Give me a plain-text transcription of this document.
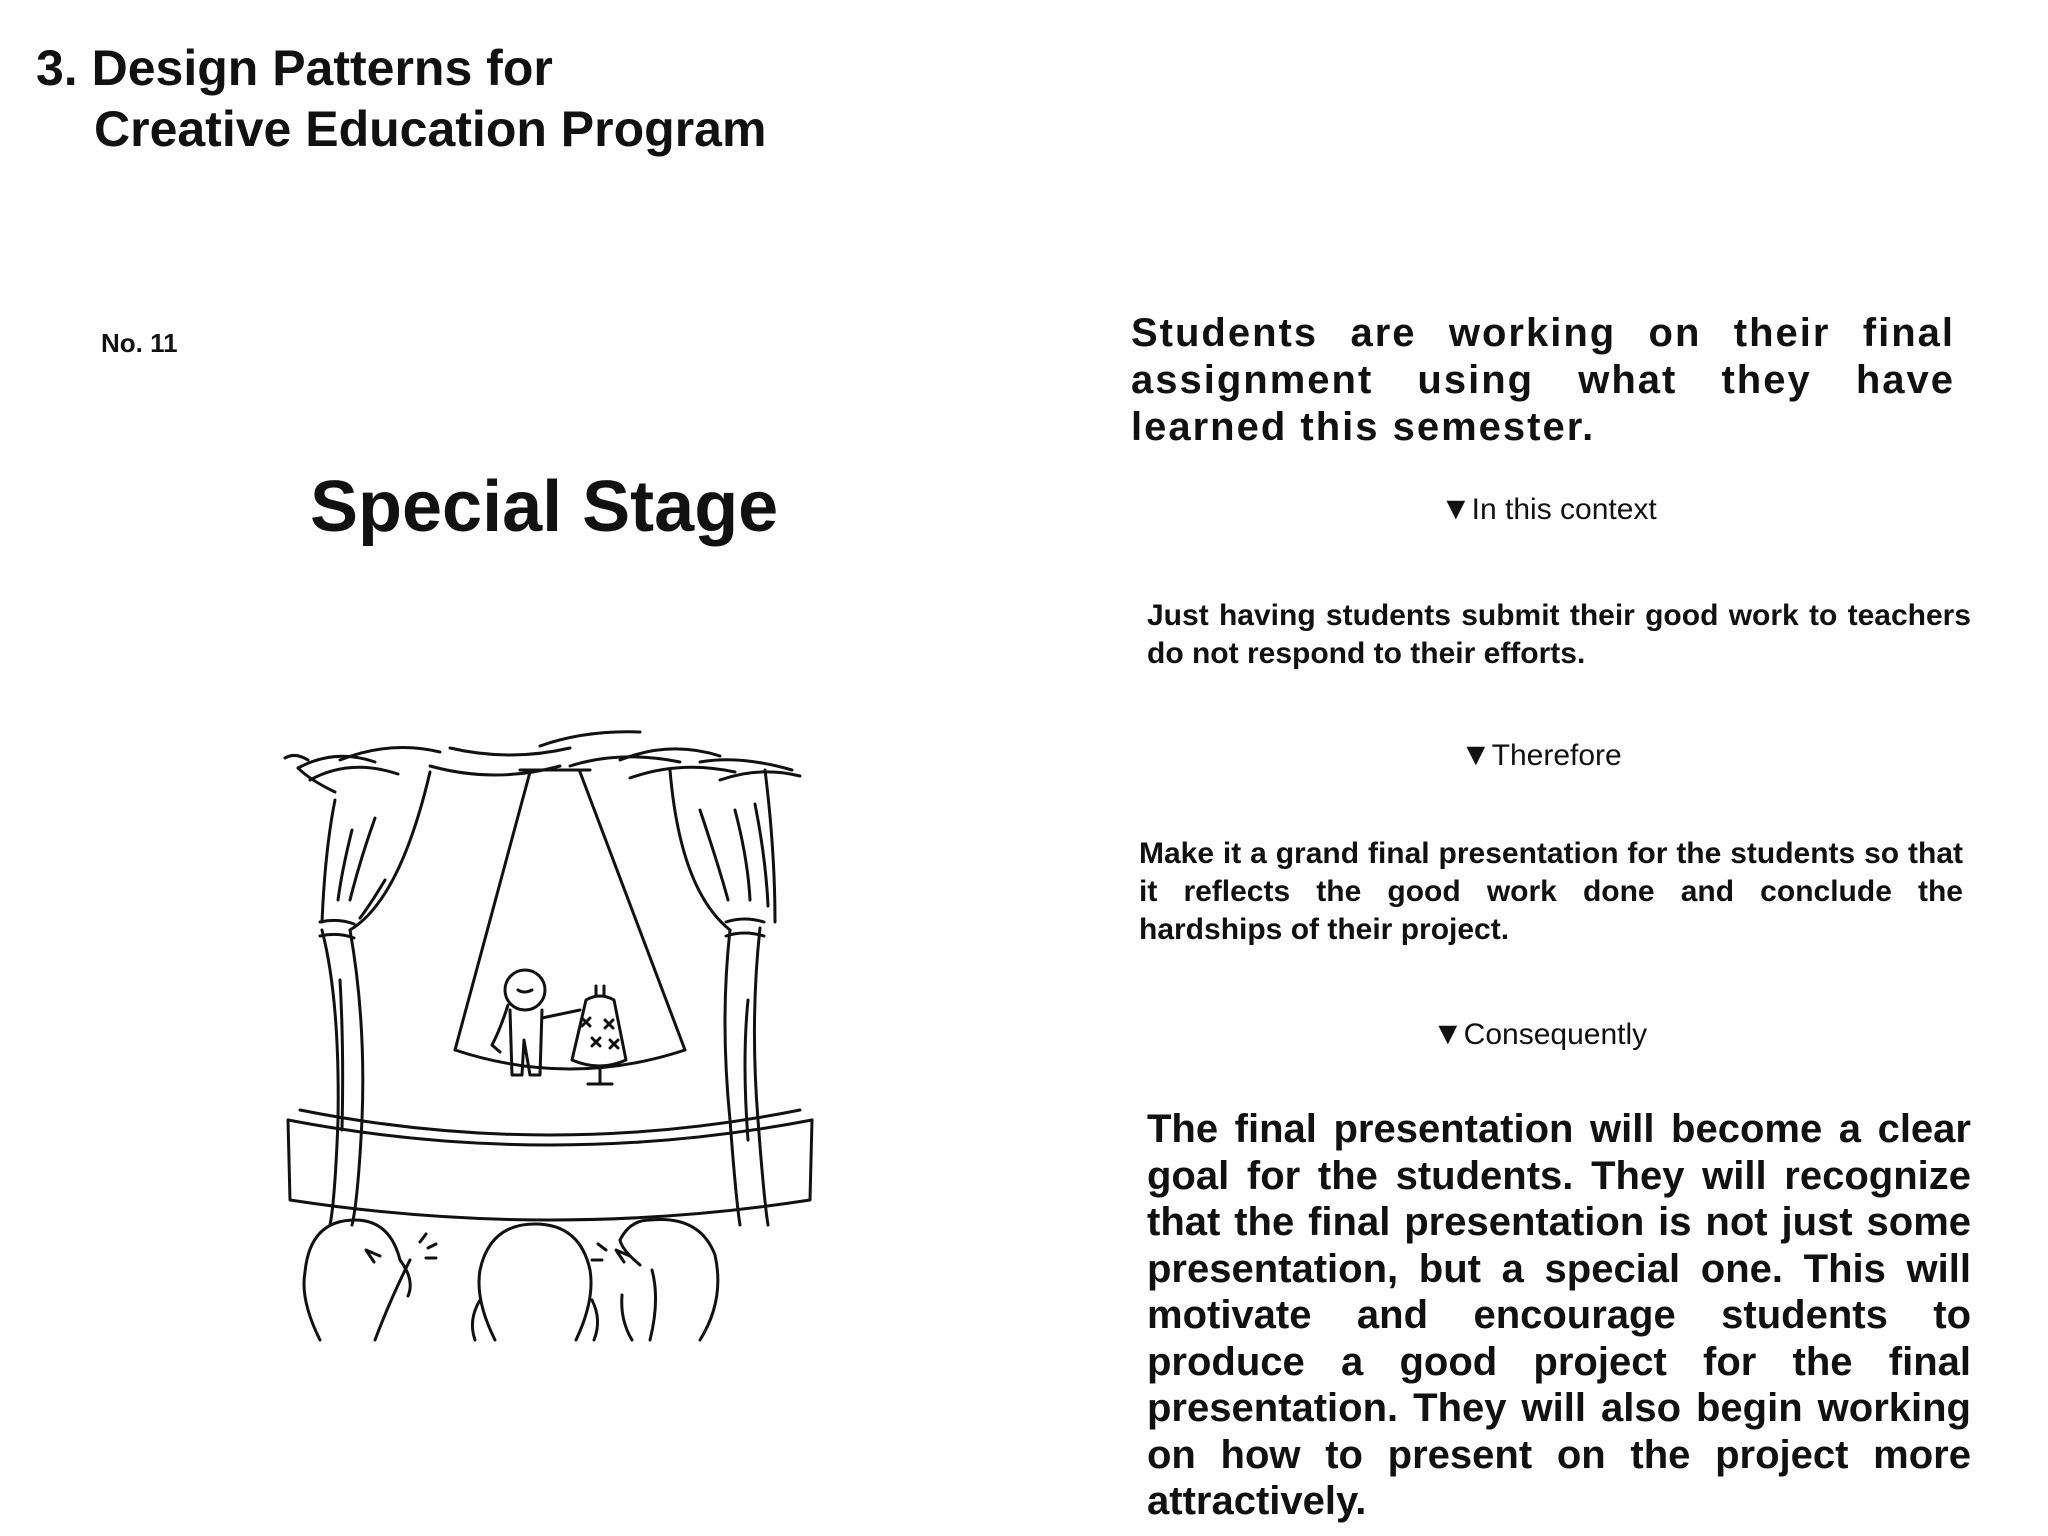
3. Design Patterns for
Creative Education Program
No. 11
Special Stage
Students are working on their final assignment using what they have learned this semester.
▼In this context
Just having students submit their good work to teachers do not respond to their efforts.
▼Therefore
Make it a grand final presentation for the students so that it reflects the good work done and conclude the hardships of their project.
▼Consequently
The final presentation will become a clear goal for the students. They will recognize that the final presentation is not just some presentation, but a special one. This will motivate and encourage students to produce a good project for the final presentation. They will also begin working on how to present on the project more attractively.
